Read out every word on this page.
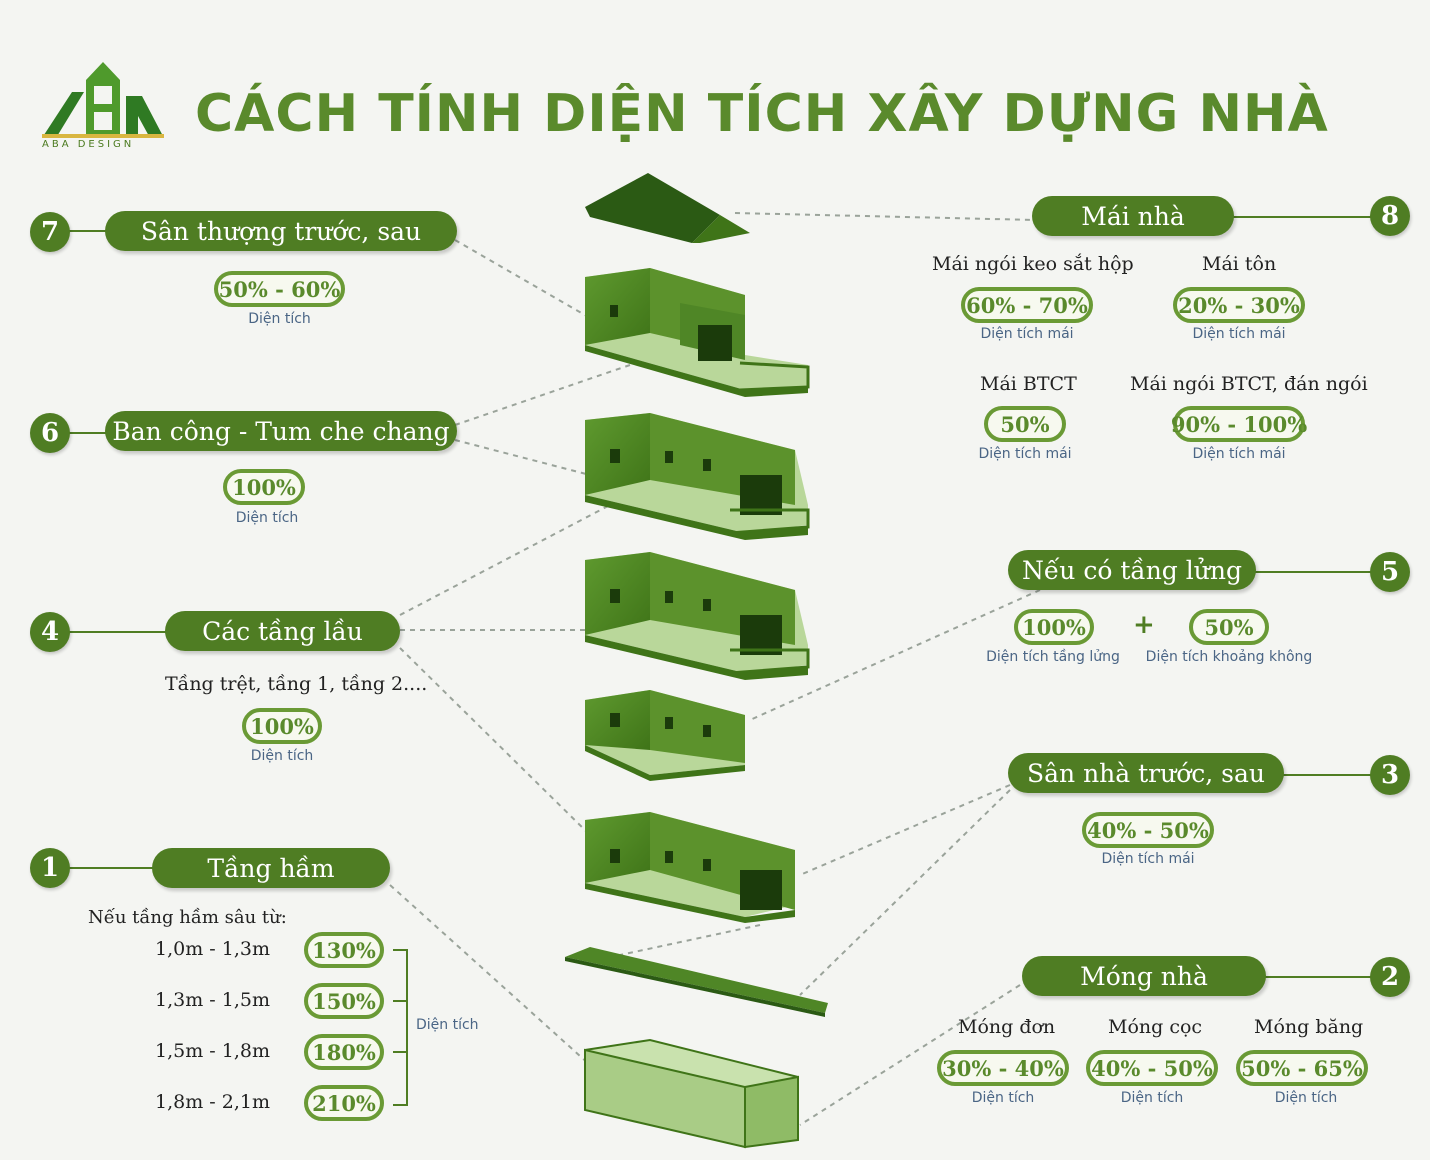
ABA DESIGN
CÁCH TÍNH DIỆN TÍCH XÂY DỰNG NHÀ
7	Sân thượng trước, sau
50% - 60%
Diện tích
6	Ban công - Tum che chang
100%
Diện tích
4	Các tầng lầu
Tầng trệt, tầng 1, tầng 2....
100%
Diện tích
1	Tầng hầm
Nếu tầng hầm sâu từ:
1,0m - 1,3m	130%
1,3m - 1,5m	150%
1,5m - 1,8m	180%
1,8m - 2,1m	210%
Diện tích
8
Mái nhà
Mái ngói keo sắt hộp
60% - 70%
Diện tích mái
Mái tôn
20% - 30%
Diện tích mái
Mái BTCT
50%
Diện tích mái
Mái ngói BTCT, đán ngói
90% - 100%
Diện tích mái
5
Nếu có tầng lửng
100%
Diện tích tầng lửng
+	50%
Diện tích khoảng không
3
Sân nhà trước, sau
40% - 50%
Diện tích mái
2
Móng nhà
Móng đơn
30% - 40%
Diện tích
Móng cọc
40% - 50%
Diện tích
Móng băng
50% - 65%
Diện tích
